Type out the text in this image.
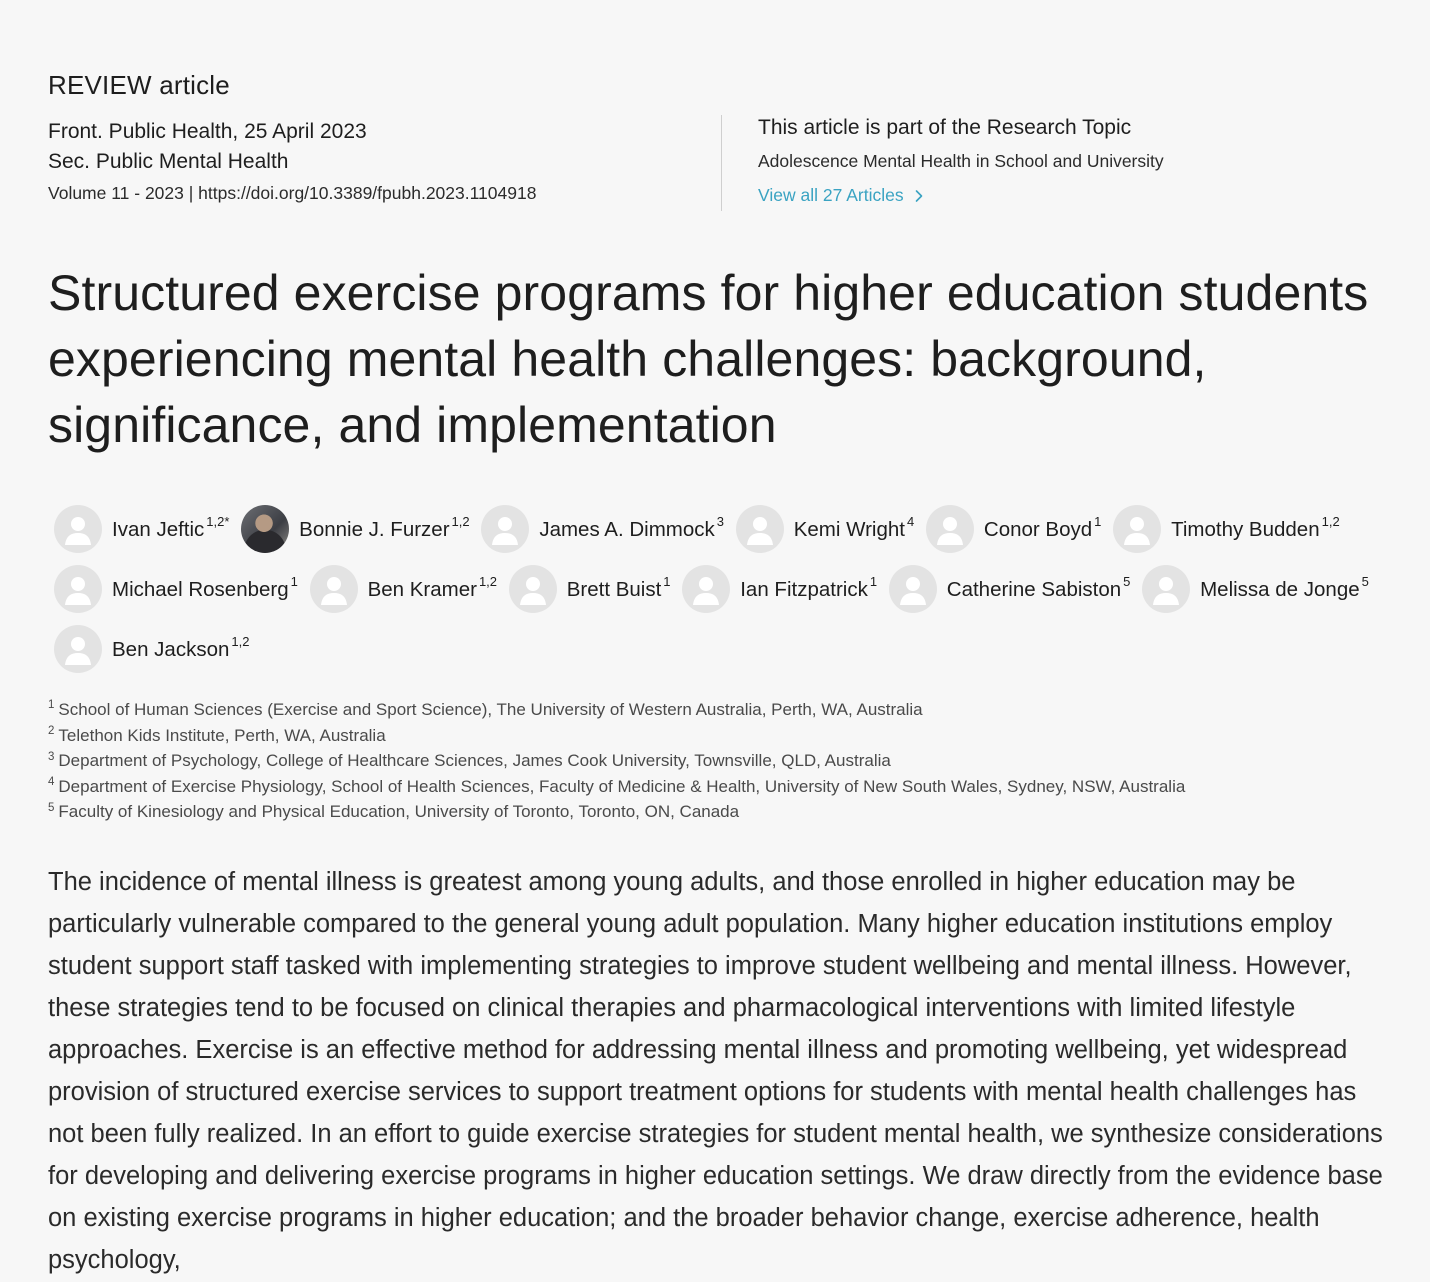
REVIEW article
Front. Public Health, 25 April 2023
Sec. Public Mental Health
Volume 11 - 2023 | https://doi.org/10.3389/fpubh.2023.1104918
This article is part of the Research Topic
Adolescence Mental Health in School and University
View all 27 Articles
Structured exercise programs for higher education students experiencing mental health challenges: background, significance, and implementation
Ivan Jeftic $^{1,2*}$	Bonnie J. Furzer $^{1,2}$	James A. Dimmock $^3$	Kemi Wright $^4$	Conor Boyd $^1$	Timothy Budden $^{1,2}$
Michael Rosenberg $^1$	Ben Kramer $^{1,2}$	Brett Buist $^1$	Ian Fitzpatrick $^1$	Catherine Sabiston $^5$	Melissa de Jonge $^5$
Ben Jackson $^{1,2}$
$^1$ School of Human Sciences (Exercise and Sport Science), The University of Western Australia, Perth, WA, Australia
$^2$ Telethon Kids Institute, Perth, WA, Australia
$^3$ Department of Psychology, College of Healthcare Sciences, James Cook University, Townsville, QLD, Australia
$^4$ Department of Exercise Physiology, School of Health Sciences, Faculty of Medicine & Health, University of New South Wales, Sydney, NSW, Australia
$^5$ Faculty of Kinesiology and Physical Education, University of Toronto, Toronto, ON, Canada

The incidence of mental illness is greatest among young adults, and those enrolled in higher education may be particularly vulnerable compared to the general young adult population. Many higher education institutions employ student support staff tasked with implementing strategies to improve student wellbeing and mental illness. However, these strategies tend to be focused on clinical therapies and pharmacological interventions with limited lifestyle approaches. Exercise is an effective method for addressing mental illness and promoting wellbeing, yet widespread provision of structured exercise services to support treatment options for students with mental health challenges has not been fully realized. In an effort to guide exercise strategies for student mental health, we synthesize considerations for developing and delivering exercise programs in higher education settings. We draw directly from the evidence base on existing exercise programs in higher education; and the broader behavior change, exercise adherence, health psychology,
